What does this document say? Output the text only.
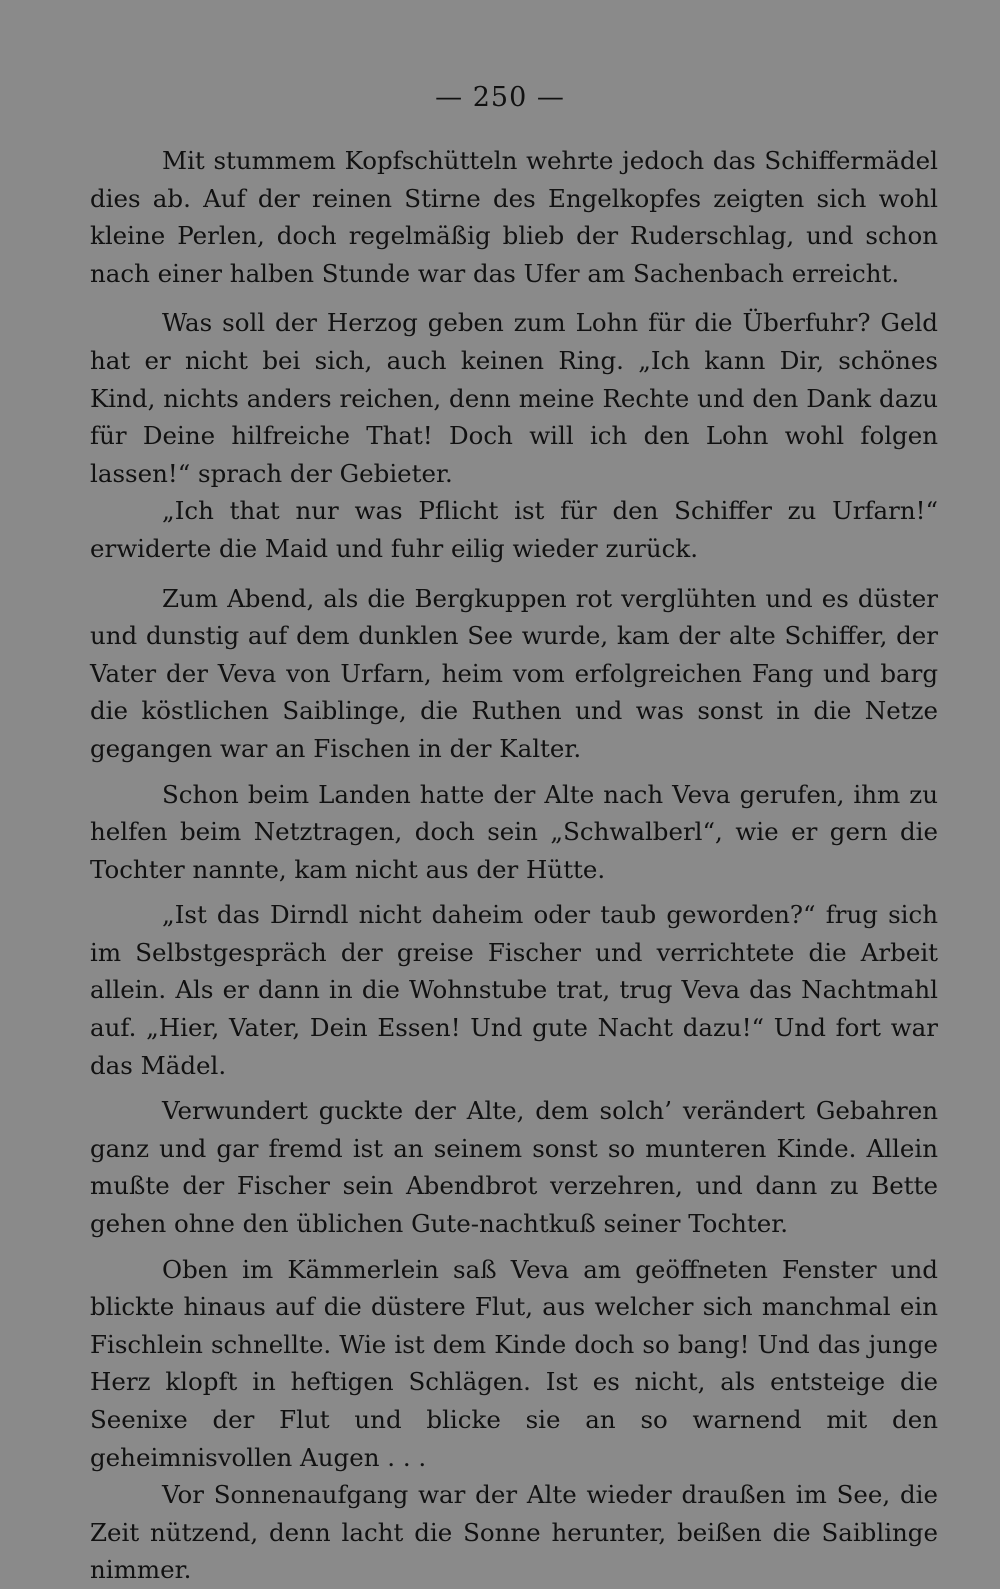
— 250 —

Mit stummem Kopfschütteln wehrte jedoch das Schiffermädel dies ab. Auf der reinen Stirne des Engelkopfes zeigten sich wohl kleine Perlen, doch regelmäßig blieb der Ruderschlag, und schon nach einer halben Stunde war das Ufer am Sachenbach erreicht.

Was soll der Herzog geben zum Lohn für die Überfuhr? Geld hat er nicht bei sich, auch keinen Ring. „Ich kann Dir, schönes Kind, nichts anders reichen, denn meine Rechte und den Dank dazu für Deine hilfreiche That! Doch will ich den Lohn wohl folgen lassen!“ sprach der Gebieter.

„Ich that nur was Pflicht ist für den Schiffer zu Urfarn!“ erwiderte die Maid und fuhr eilig wieder zurück.

Zum Abend, als die Bergkuppen rot verglühten und es düster und dunstig auf dem dunklen See wurde, kam der alte Schiffer, der Vater der Veva von Urfarn, heim vom erfolgreichen Fang und barg die köstlichen Saiblinge, die Ruthen und was sonst in die Netze gegangen war an Fischen in der Kalter.

Schon beim Landen hatte der Alte nach Veva gerufen, ihm zu helfen beim Netztragen, doch sein „Schwalberl“, wie er gern die Tochter nannte, kam nicht aus der Hütte.

„Ist das Dirndl nicht daheim oder taub geworden?“ frug sich im Selbstgespräch der greise Fischer und verrichtete die Arbeit allein. Als er dann in die Wohnstube trat, trug Veva das Nachtmahl auf. „Hier, Vater, Dein Essen! Und gute Nacht dazu!“ Und fort war das Mädel.

Verwundert guckte der Alte, dem solch’ verändert Gebahren ganz und gar fremd ist an seinem sonst so munteren Kinde. Allein mußte der Fischer sein Abendbrot verzehren, und dann zu Bette gehen ohne den üblichen Gute-nachtkuß seiner Tochter.

Oben im Kämmerlein saß Veva am geöffneten Fenster und blickte hinaus auf die düstere Flut, aus welcher sich manchmal ein Fischlein schnellte. Wie ist dem Kinde doch so bang! Und das junge Herz klopft in heftigen Schlägen. Ist es nicht, als entsteige die Seenixe der Flut und blicke sie an so warnend mit den geheimnisvollen Augen . . .

Vor Sonnenaufgang war der Alte wieder draußen im See, die Zeit nützend, denn lacht die Sonne herunter, beißen die Saiblinge nimmer.
